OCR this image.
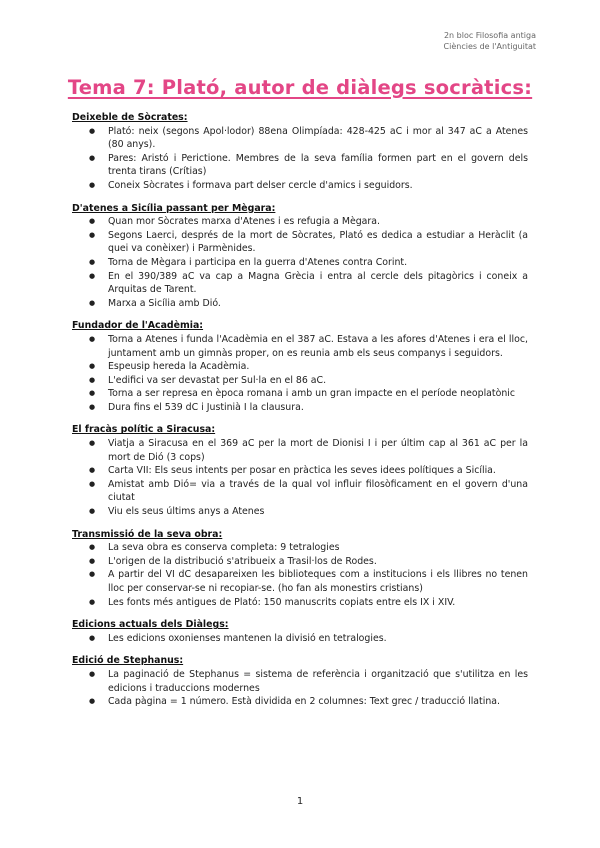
2n bloc Filosofia antiga
Ciències de l'Antiguitat
Tema 7: Plató, autor de diàlegs socràtics:

Deixeble de Sòcrates:

● Plató: neix (segons Apol·lodor) 88ena Olimpíada: 428-425 aC i mor al 347 aC a Atenes (80 anys).
● Pares: Aristó i Perictione. Membres de la seva família formen part en el govern dels trenta tirans (Crítias)
● Coneix Sòcrates i formava part delser cercle d'amics i seguidors.

D'atenes a Sicília passant per Mègara:

● Quan mor Sòcrates marxa d'Atenes i es refugia a Mègara.
● Segons Laerci, després de la mort de Sòcrates, Plató es dedica a estudiar a Heràclit (a quei va conèixer) i Parmènides.
● Torna de Mègara i participa en la guerra d'Atenes contra Corint.
● En el 390/389 aC va cap a Magna Grècia i entra al cercle dels pitagòrics i coneix a Arquitas de Tarent.
● Marxa a Sicília amb Dió.

Fundador de l'Acadèmia:

● Torna a Atenes i funda l'Acadèmia en el 387 aC. Estava a les afores d'Atenes i era el lloc, juntament amb un gimnàs proper, on es reunia amb els seus companys i seguidors.
● Espeusip hereda la Acadèmia.
● L'edifici va ser devastat per Sul·la en el 86 aC.
● Torna a ser represa en època romana i amb un gran impacte en el període neoplatònic
● Dura fins el 539 dC i Justinià I la clausura.

El fracàs polític a Siracusa:

● Viatja a Siracusa en el 369 aC per la mort de Dionisi I i per últim cap al 361 aC per la mort de Dió (3 cops)
● Carta VII: Els seus intents per posar en pràctica les seves idees polítiques a Sicília.
● Amistat amb Dió= via a través de la qual vol influir filosòficament en el govern d'una ciutat
● Viu els seus últims anys a Atenes

Transmissió de la seva obra:

● La seva obra es conserva completa: 9 tetralogies
● L'origen de la distribució s'atribueix a Trasil·los de Rodes.
● A partir del VI dC desapareixen les biblioteques com a institucions i els llibres no tenen lloc per conservar-se ni recopiar-se. (ho fan als monestirs cristians)
● Les fonts més antigues de Plató: 150 manuscrits copiats entre els IX i XIV.

Edicions actuals dels Diàlegs:

● Les edicions oxonienses mantenen la divisió en tetralogies.

Edició de Stephanus:

● La paginació de Stephanus = sistema de referència i organització que s'utilitza en les edicions i traduccions modernes
● Cada pàgina = 1 número. Està dividida en 2 columnes: Text grec / traducció llatina.
1
